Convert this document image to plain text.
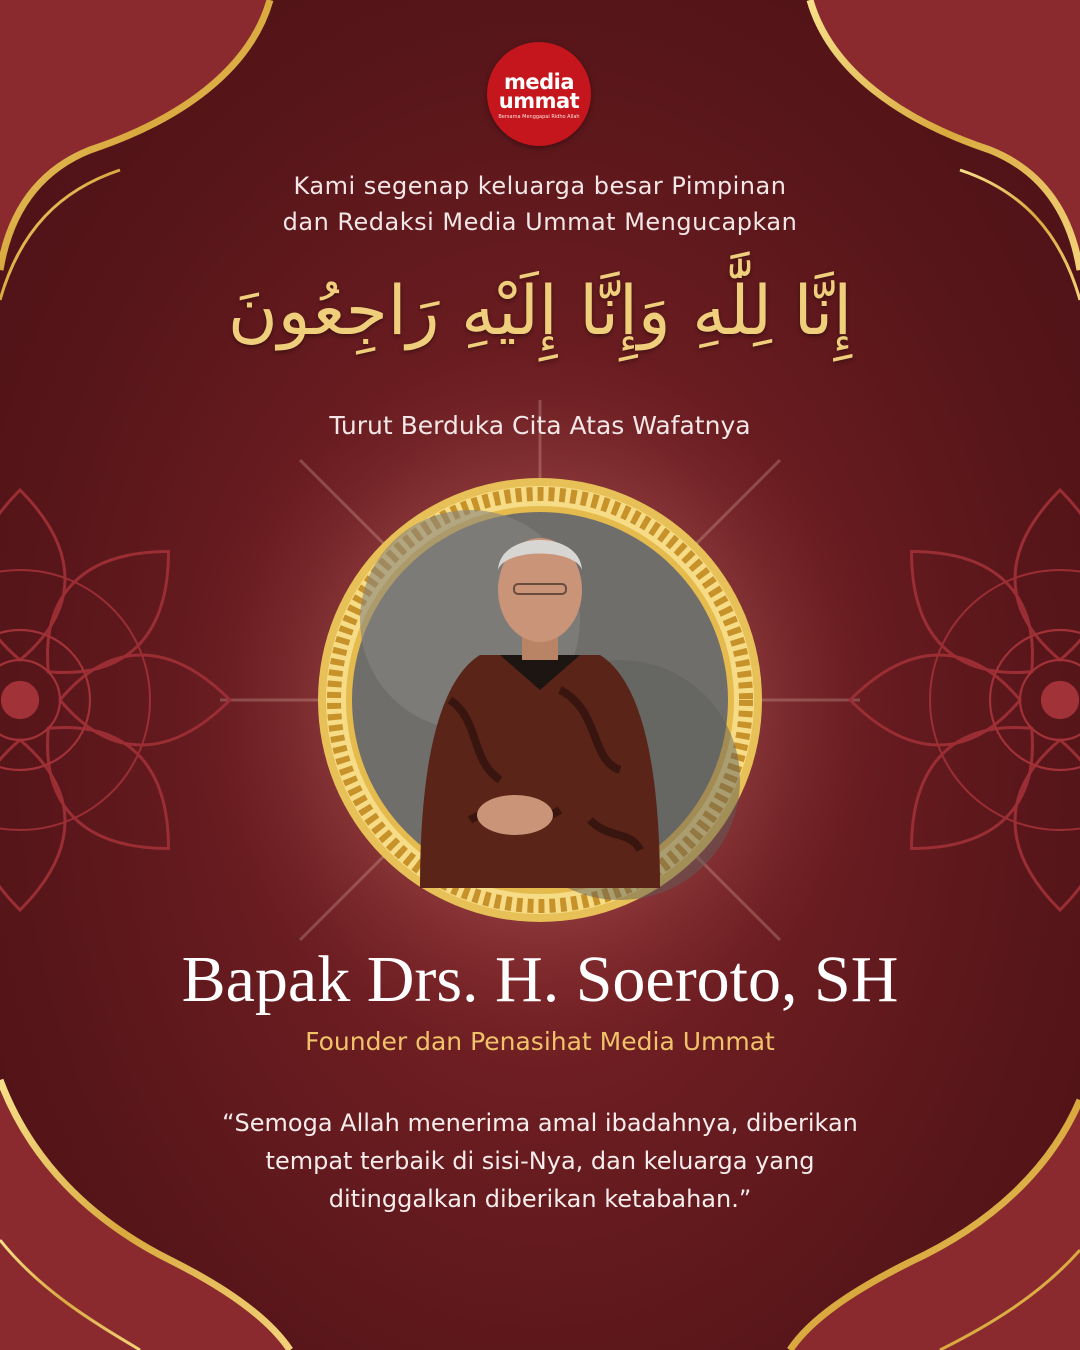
media
ummat
Bersama Menggapai Ridho Allah
Kami segenap keluarga besar Pimpinan
dan Redaksi Media Ummat Mengucapkan
إِنَّا لِلَّٰهِ وَإِنَّا إِلَيْهِ رَاجِعُونَ
Turut Berduka Cita Atas Wafatnya
Bapak Drs. H. Soeroto, SH
Founder dan Penasihat Media Ummat
“Semoga Allah menerima amal ibadahnya, diberikan
tempat terbaik di sisi-Nya, dan keluarga yang
ditinggalkan diberikan ketabahan.”
